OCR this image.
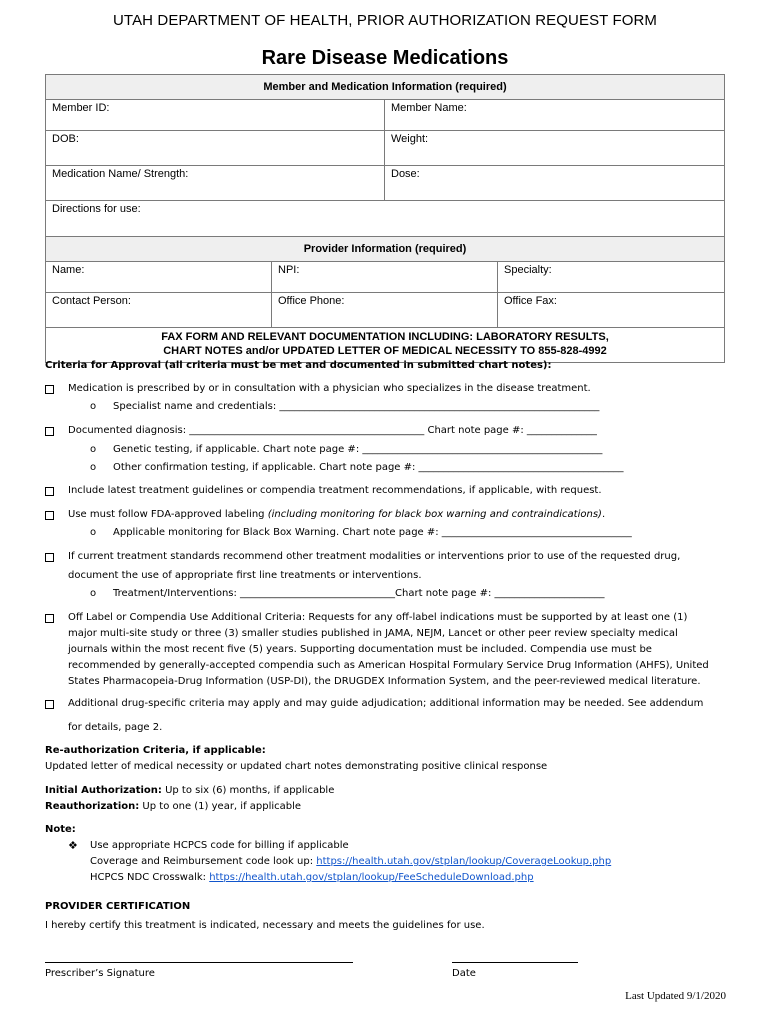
UTAH DEPARTMENT OF HEALTH, PRIOR AUTHORIZATION REQUEST FORM
Rare Disease Medications
Member and Medication Information (required)			
Member ID:		Member Name:	
DOB:		Weight:	
Medication Name/ Strength:		Dose:	
Directions for use:			
Provider Information (required)			
Name:	NPI:		Specialty:
Contact Person:	Office Phone:		Office Fax:

FAX FORM AND RELEVANT DOCUMENTATION INCLUDING: LABORATORY RESULTS,
CHART NOTES and/or UPDATED LETTER OF MEDICAL NECESSITY TO 855-828-4992			
Criteria for Approval (all criteria must be met and documented in submitted chart notes):
Medication is prescribed by or in consultation with a physician who specializes in the disease treatment.
o Specialist name and credentials: ________________________________________________________________
Documented diagnosis: _______________________________________________ Chart note page #: ______________
o Genetic testing, if applicable. Chart note page #: ________________________________________________
o Other confirmation testing, if applicable. Chart note page #: _________________________________________
Include latest treatment guidelines or compendia treatment recommendations, if applicable, with request.
Use must follow FDA-approved labeling (including monitoring for black box warning and contraindications).
o Applicable monitoring for Black Box Warning. Chart note page #: ______________________________________
If current treatment standards recommend other treatment modalities or interventions prior to use of the requested drug,
document the use of appropriate first line treatments or interventions.
o Treatment/Interventions: _______________________________Chart note page #: ______________________
Off Label or Compendia Use Additional Criteria: Requests for any off-label indications must be supported by at least one (1)
major multi-site study or three (3) smaller studies published in JAMA, NEJM, Lancet or other peer review specialty medical
journals within the most recent five (5) years. Supporting documentation must be included. Compendia use must be
recommended by generally-accepted compendia such as American Hospital Formulary Service Drug Information (AHFS), United
States Pharmacopeia-Drug Information (USP-DI), the DRUGDEX Information System, and the peer-reviewed medical literature.
Additional drug-specific criteria may apply and may guide adjudication; additional information may be needed. See addendum
for details, page 2.
Re-authorization Criteria, if applicable:
Updated letter of medical necessity or updated chart notes demonstrating positive clinical response
Initial Authorization: Up to six (6) months, if applicable
Reauthorization: Up to one (1) year, if applicable
Note:
❖ Use appropriate HCPCS code for billing if applicable
Coverage and Reimbursement code look up: https://health.utah.gov/stplan/lookup/CoverageLookup.php
HCPCS NDC Crosswalk: https://health.utah.gov/stplan/lookup/FeeScheduleDownload.php
PROVIDER CERTIFICATION
I hereby certify this treatment is indicated, necessary and meets the guidelines for use.
Prescriber’s Signature	Date
Last Updated 9/1/2020
